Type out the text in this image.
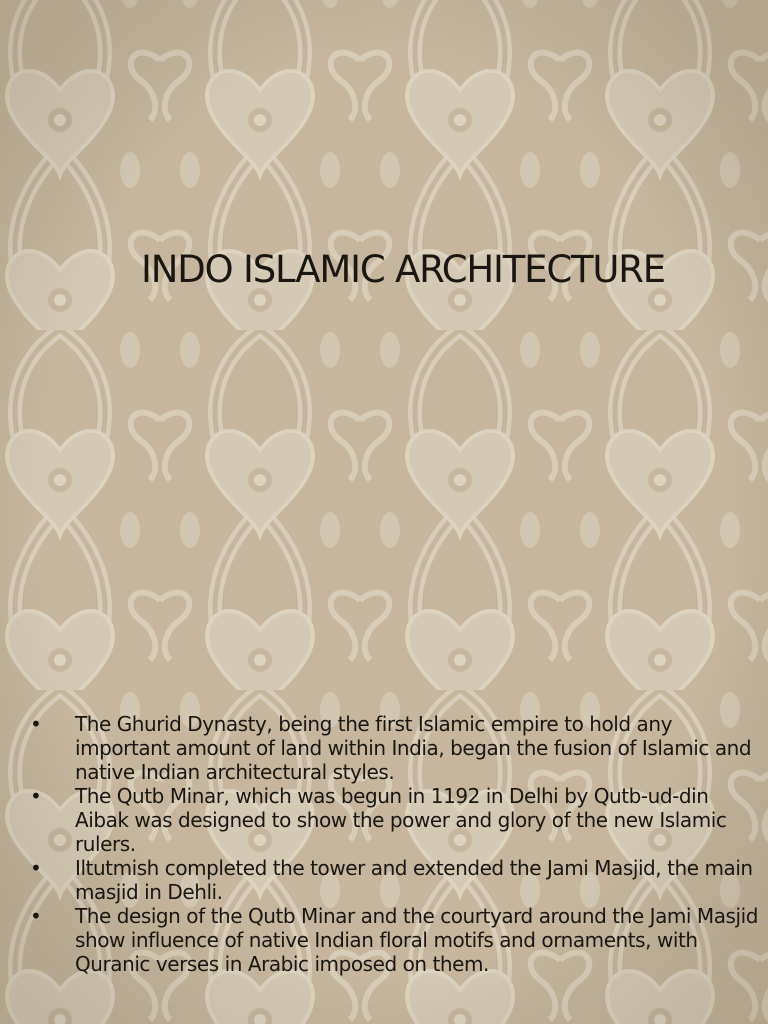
INDO ISLAMIC ARCHITECTURE
•	The Ghurid Dynasty, being the first Islamic empire to hold any important amount of land within India, began the fusion of Islamic and native Indian architectural styles.
•	The Qutb Minar, which was begun in 1192 in Delhi by Qutb-ud-din Aibak was designed to show the power and glory of the new Islamic rulers.
•	Iltutmish completed the tower and extended the Jami Masjid, the main masjid in Dehli.
•	The design of the Qutb Minar and the courtyard around the Jami Masjid show influence of native Indian floral motifs and ornaments, with Quranic verses in Arabic imposed on them.
